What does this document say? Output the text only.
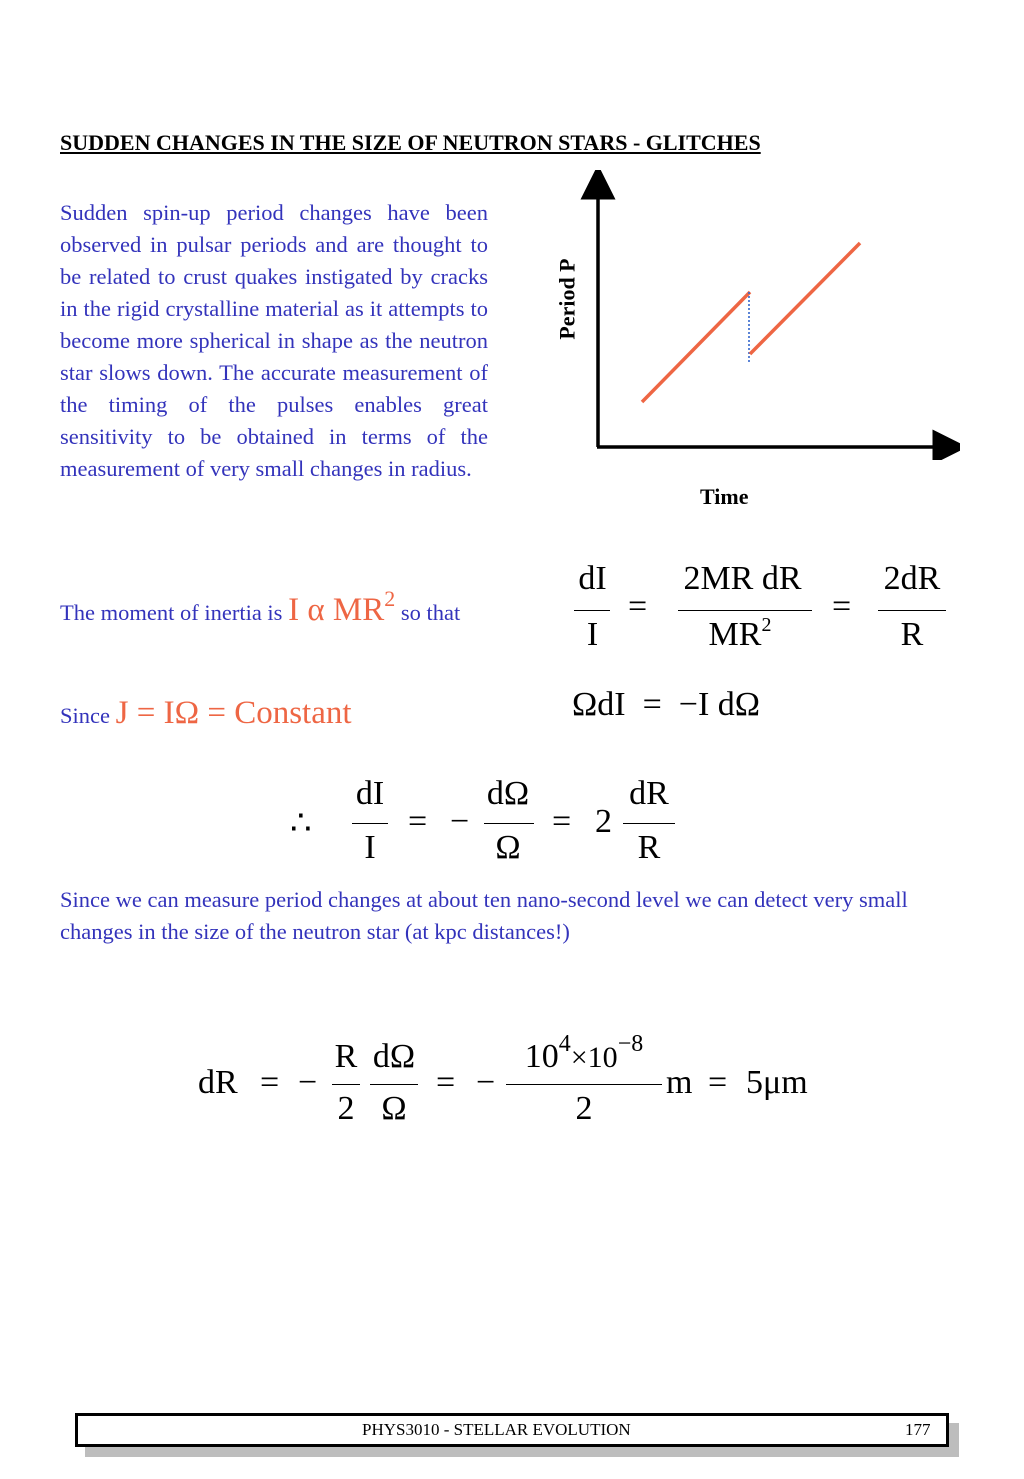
SUDDEN CHANGES IN THE SIZE OF NEUTRON STARS - GLITCHES
Sudden spin-up period changes have been observed in pulsar periods and are thought to be related to crust quakes instigated by cracks in the rigid crystalline material as it attempts to become more spherical in shape as the neutron star slows down. The accurate measurement of the timing of the pulses enables great sensitivity to be obtained in terms of the measurement of very small changes in radius.
Period P
Time
The moment of inertia is I α MR2 so that
dI
I
=
2MR dR
$MR^2$ =
2dR
R
Since J = IΩ = Constant	ΩdI  =  −I dΩ
∴
dI
I
= −
dΩ
Ω
= 2
dR
R
Since we can measure period changes at about ten nano-second level we can detect very small changes in the size of the neutron star (at kpc distances!)
dR = −
R
2
dΩ
Ω
= −
$10^4\times 10^{-8}$
2
m = 5μm
PHYS3010 - STELLAR EVOLUTION	177
